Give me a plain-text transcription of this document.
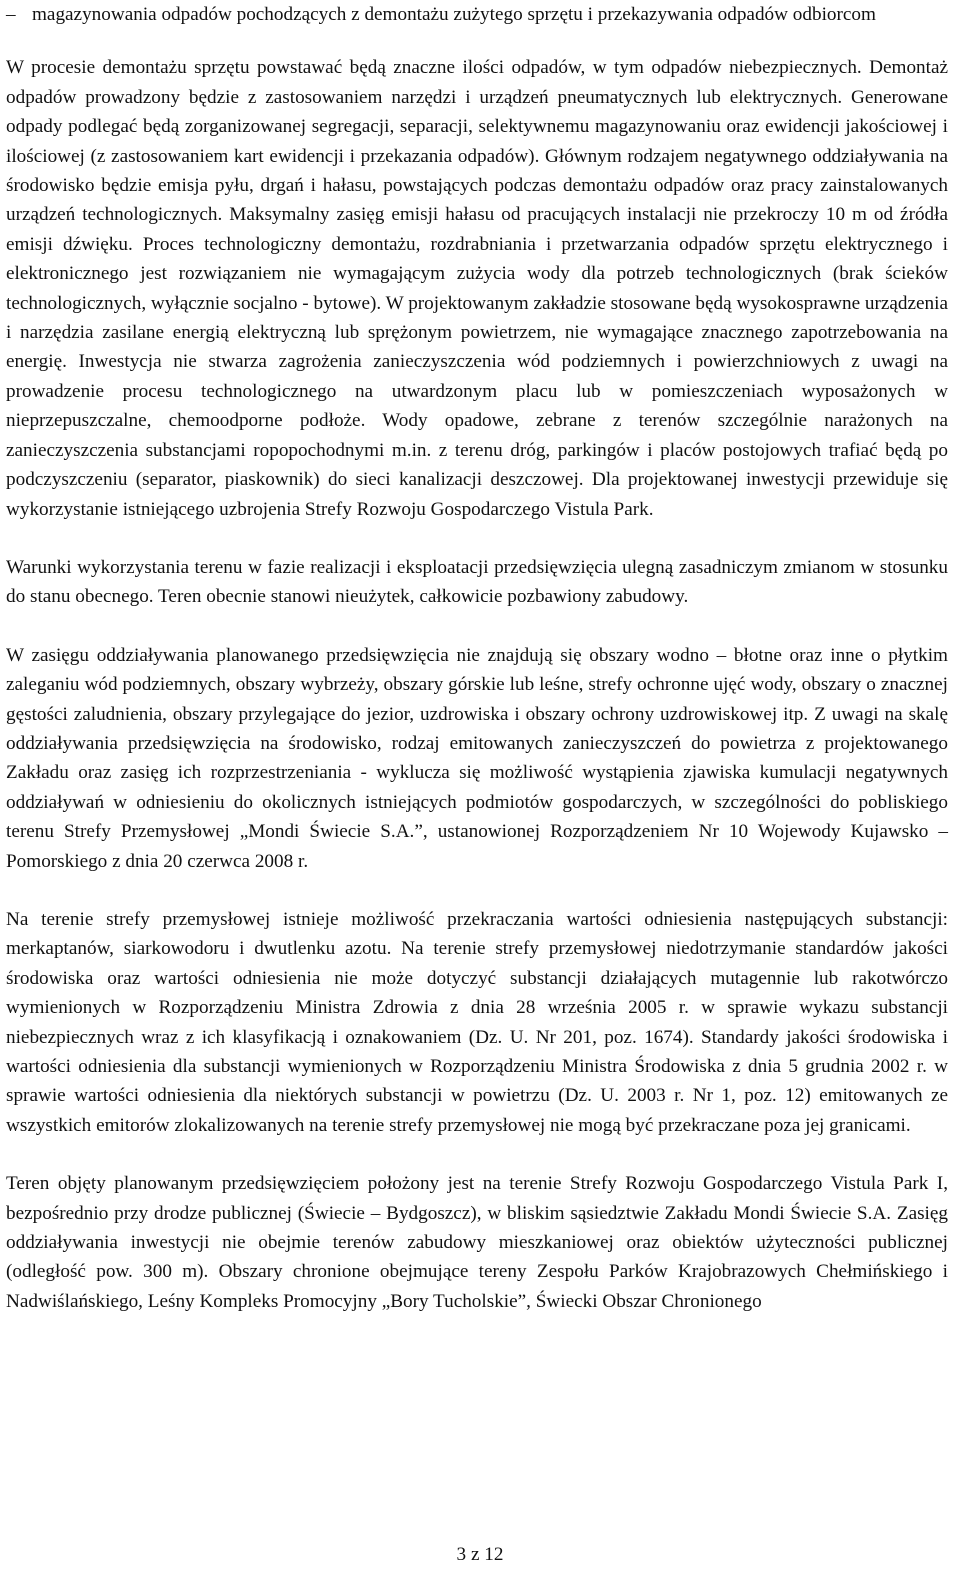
– magazynowania odpadów pochodzących z demontażu zużytego sprzętu i przekazywania odpadów odbiorcom

W procesie demontażu sprzętu powstawać będą znaczne ilości odpadów, w tym odpadów niebezpiecznych. Demontaż odpadów prowadzony będzie z zastosowaniem narzędzi i urządzeń pneumatycznych lub elektrycznych. Generowane odpady podlegać będą zorganizowanej segregacji, separacji, selektywnemu magazynowaniu oraz ewidencji jakościowej i ilościowej (z zastosowaniem kart ewidencji i przekazania odpadów). Głównym rodzajem negatywnego oddziaływania na środowisko będzie emisja pyłu, drgań i hałasu, powstających podczas demontażu odpadów oraz pracy zainstalowanych urządzeń technologicznych. Maksymalny zasięg emisji hałasu od pracujących instalacji nie przekroczy 10 m od źródła emisji dźwięku. Proces technologiczny demontażu, rozdrabniania i przetwarzania odpadów sprzętu elektrycznego i elektronicznego jest rozwiązaniem nie wymagającym zużycia wody dla potrzeb technologicznych (brak ścieków technologicznych, wyłącznie socjalno - bytowe). W projektowanym zakładzie stosowane będą wysokosprawne urządzenia i narzędzia zasilane energią elektryczną lub sprężonym powietrzem, nie wymagające znacznego zapotrzebowania na energię. Inwestycja nie stwarza zagrożenia zanieczyszczenia wód podziemnych i powierzchniowych z uwagi na prowadzenie procesu technologicznego na utwardzonym placu lub w pomieszczeniach wyposażonych w nieprzepuszczalne, chemoodporne podłoże. Wody opadowe, zebrane z terenów szczególnie narażonych na zanieczyszczenia substancjami ropopochodnymi m.in. z terenu dróg, parkingów i placów postojowych trafiać będą po podczyszczeniu (separator, piaskownik) do sieci kanalizacji deszczowej. Dla projektowanej inwestycji przewiduje się wykorzystanie istniejącego uzbrojenia Strefy Rozwoju Gospodarczego Vistula Park.

Warunki wykorzystania terenu w fazie realizacji i eksploatacji przedsięwzięcia ulegną zasadniczym zmianom w stosunku do stanu obecnego. Teren obecnie stanowi nieużytek, całkowicie pozbawiony zabudowy.

W zasięgu oddziaływania planowanego przedsięwzięcia nie znajdują się obszary wodno – błotne oraz inne o płytkim zaleganiu wód podziemnych, obszary wybrzeży, obszary górskie lub leśne, strefy ochronne ujęć wody, obszary o znacznej gęstości zaludnienia, obszary przylegające do jezior, uzdrowiska i obszary ochrony uzdrowiskowej itp. Z uwagi na skalę oddziaływania przedsięwzięcia na środowisko, rodzaj emitowanych zanieczyszczeń do powietrza z projektowanego Zakładu oraz zasięg ich rozprzestrzeniania - wyklucza się możliwość wystąpienia zjawiska kumulacji negatywnych oddziaływań w odniesieniu do okolicznych istniejących podmiotów gospodarczych, w szczególności do pobliskiego terenu Strefy Przemysłowej „Mondi Świecie S.A.”, ustanowionej Rozporządzeniem Nr 10 Wojewody Kujawsko – Pomorskiego z dnia 20 czerwca 2008 r.

Na terenie strefy przemysłowej istnieje możliwość przekraczania wartości odniesienia następujących substancji: merkaptanów, siarkowodoru i dwutlenku azotu. Na terenie strefy przemysłowej niedotrzymanie standardów jakości środowiska oraz wartości odniesienia nie może dotyczyć substancji działających mutagennie lub rakotwórczo wymienionych w Rozporządzeniu Ministra Zdrowia z dnia 28 września 2005 r. w sprawie wykazu substancji niebezpiecznych wraz z ich klasyfikacją i oznakowaniem (Dz. U. Nr 201, poz. 1674). Standardy jakości środowiska i wartości odniesienia dla substancji wymienionych w Rozporządzeniu Ministra Środowiska z dnia 5 grudnia 2002 r. w sprawie wartości odniesienia dla niektórych substancji w powietrzu (Dz. U. 2003 r. Nr 1, poz. 12) emitowanych ze wszystkich emitorów zlokalizowanych na terenie strefy przemysłowej nie mogą być przekraczane poza jej granicami.

Teren objęty planowanym przedsięwzięciem położony jest na terenie Strefy Rozwoju Gospodarczego Vistula Park I, bezpośrednio przy drodze publicznej (Świecie – Bydgoszcz), w bliskim sąsiedztwie Zakładu Mondi Świecie S.A. Zasięg oddziaływania inwestycji nie obejmie terenów zabudowy mieszkaniowej oraz obiektów użyteczności publicznej (odległość pow. 300 m). Obszary chronione obejmujące tereny Zespołu Parków Krajobrazowych Chełmińskiego i Nadwiślańskiego, Leśny Kompleks Promocyjny „Bory Tucholskie”, Świecki Obszar Chronionego

3 z 12
